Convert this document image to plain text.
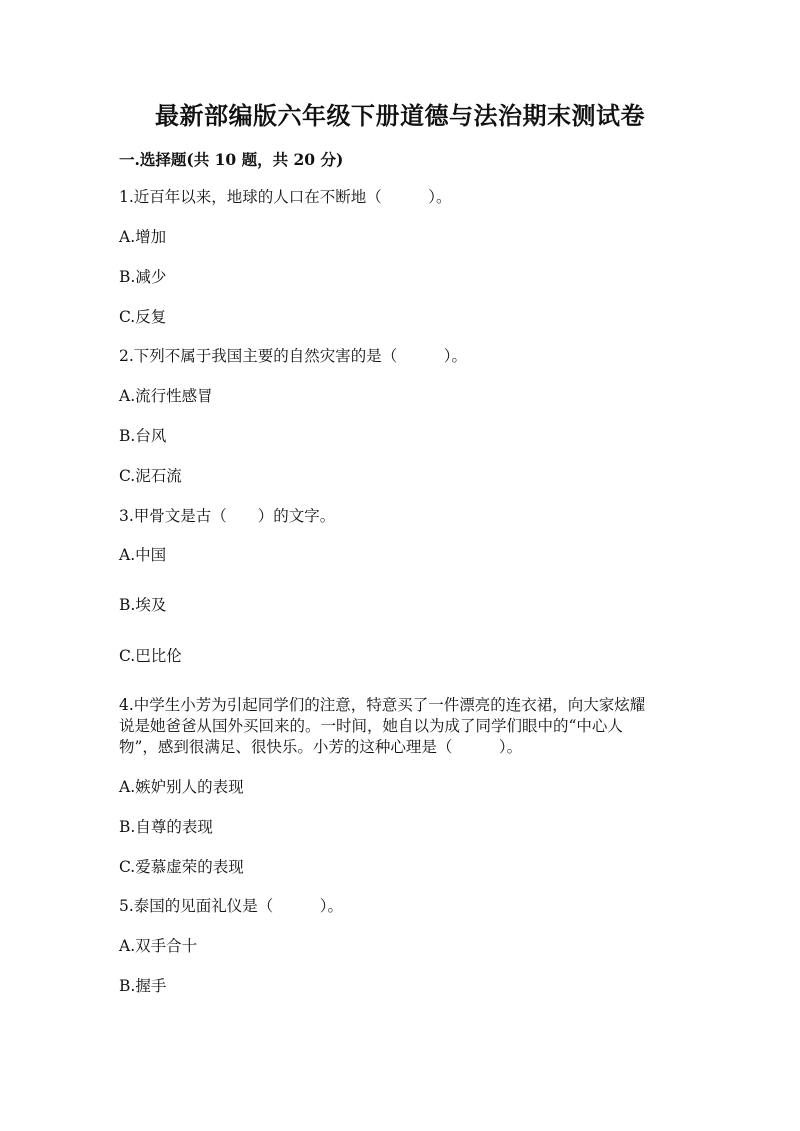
最新部编版六年级下册道德与法治期末测试卷
一.选择题(共 10 题，共 20 分)

1.近百年以来，地球的人口在不断地（　　　）。

A.增加

B.减少

C.反复

2.下列不属于我国主要的自然灾害的是（　　　）。

A.流行性感冒

B.台风

C.泥石流

3.甲骨文是古（　　）的文字。

A.中国

B.埃及

C.巴比伦

4.中学生小芳为引起同学们的注意，特意买了一件漂亮的连衣裙，向大家炫耀

说是她爸爸从国外买回来的。一时间，她自以为成了同学们眼中的“中心人

物”，感到很满足、很快乐。小芳的这种心理是（　　　）。

A.嫉妒别人的表现

B.自尊的表现

C.爱慕虚荣的表现

5.泰国的见面礼仪是（　　　）。

A.双手合十

B.握手
